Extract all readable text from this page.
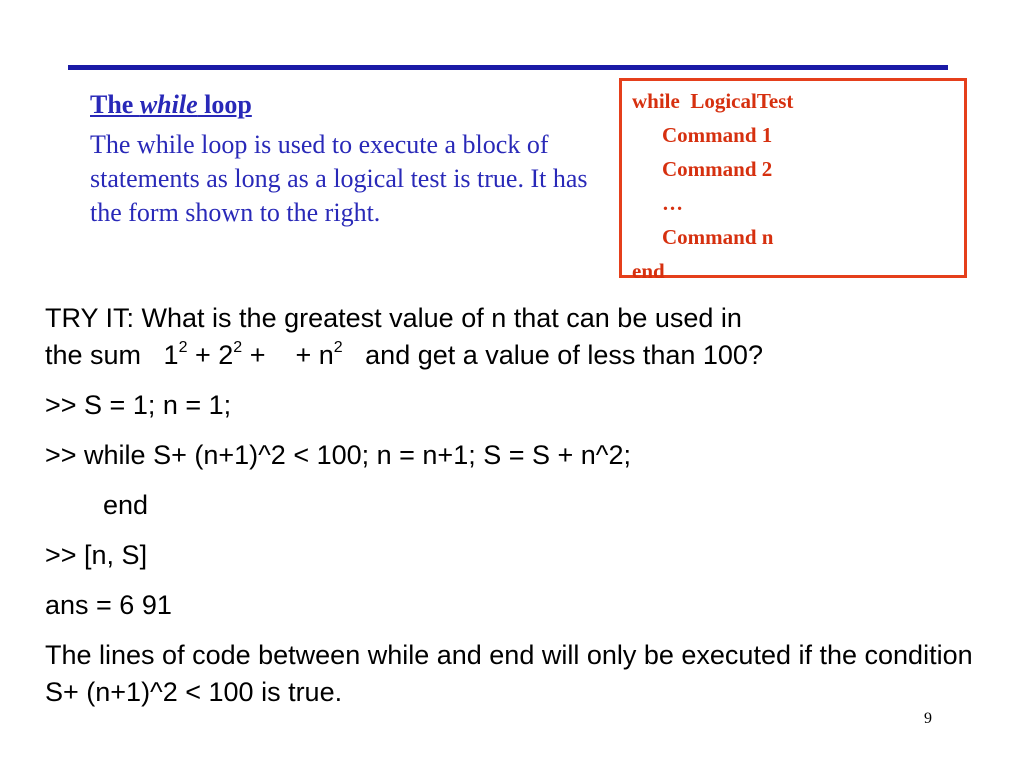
The while loop

The while loop is used to execute a block of statements as long as a logical test is true. It has the form shown to the right.

while  LogicalTest
Command 1
Command 2
…
Command n
end

TRY IT: What is the greatest value of n that can be used in
the sum   $1^2 + 2^2$ +    + $n^2$   and get a value of less than 100?

>> S = 1; n = 1;

>> while S+ (n+1)^2 < 100; n = n+1; S = S + n^2;

end

>> [n, S]

ans = 6 91

The lines of code between while and end will only be executed if the condition S+ (n+1)^2 < 100 is true.

9
